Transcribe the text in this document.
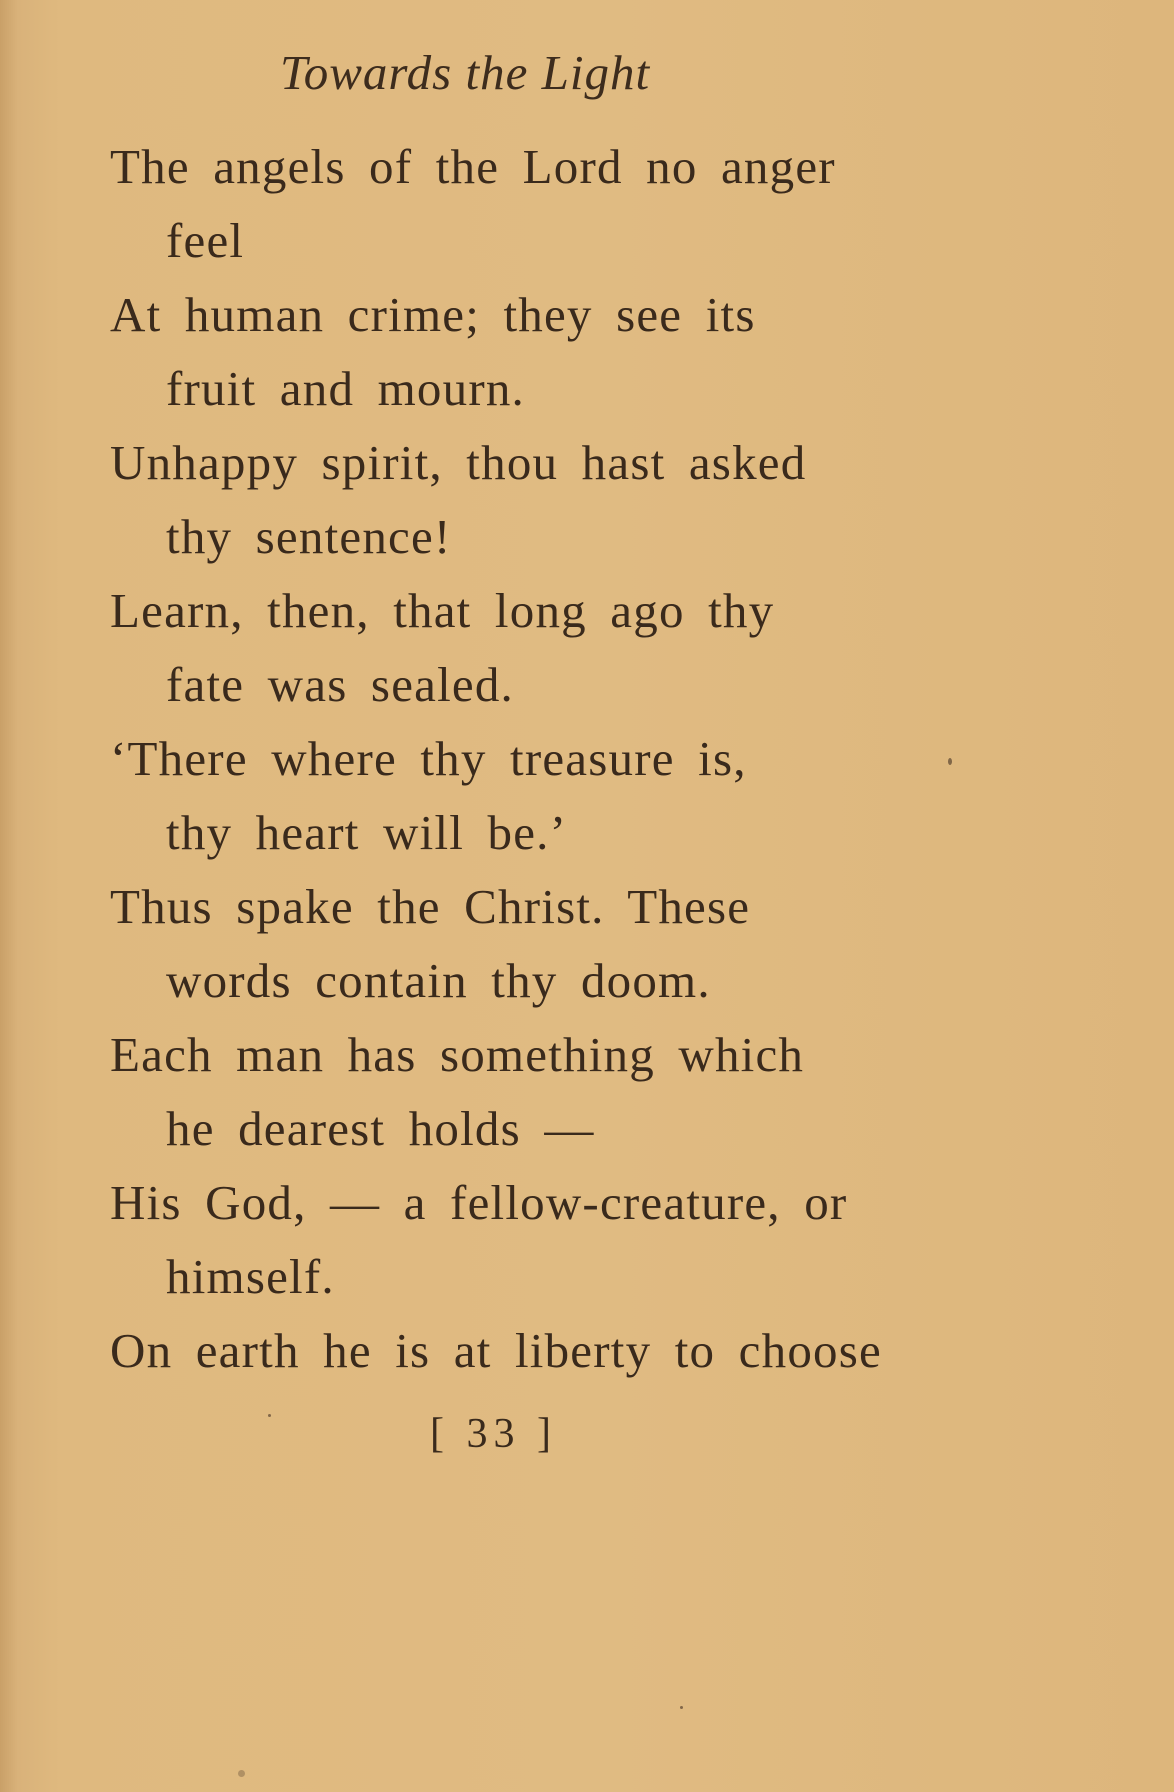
Towards the Light
The angels of the Lord no anger
feel
At human crime; they see its
fruit and mourn.
Unhappy spirit, thou hast asked
thy sentence!
Learn, then, that long ago thy
fate was sealed.
‘There where thy treasure is,
thy heart will be.’
Thus spake the Christ. These
words contain thy doom.
Each man has something which
he dearest holds —
His God, — a fellow-creature, or
himself.
On earth he is at liberty to choose
[ 33 ]
